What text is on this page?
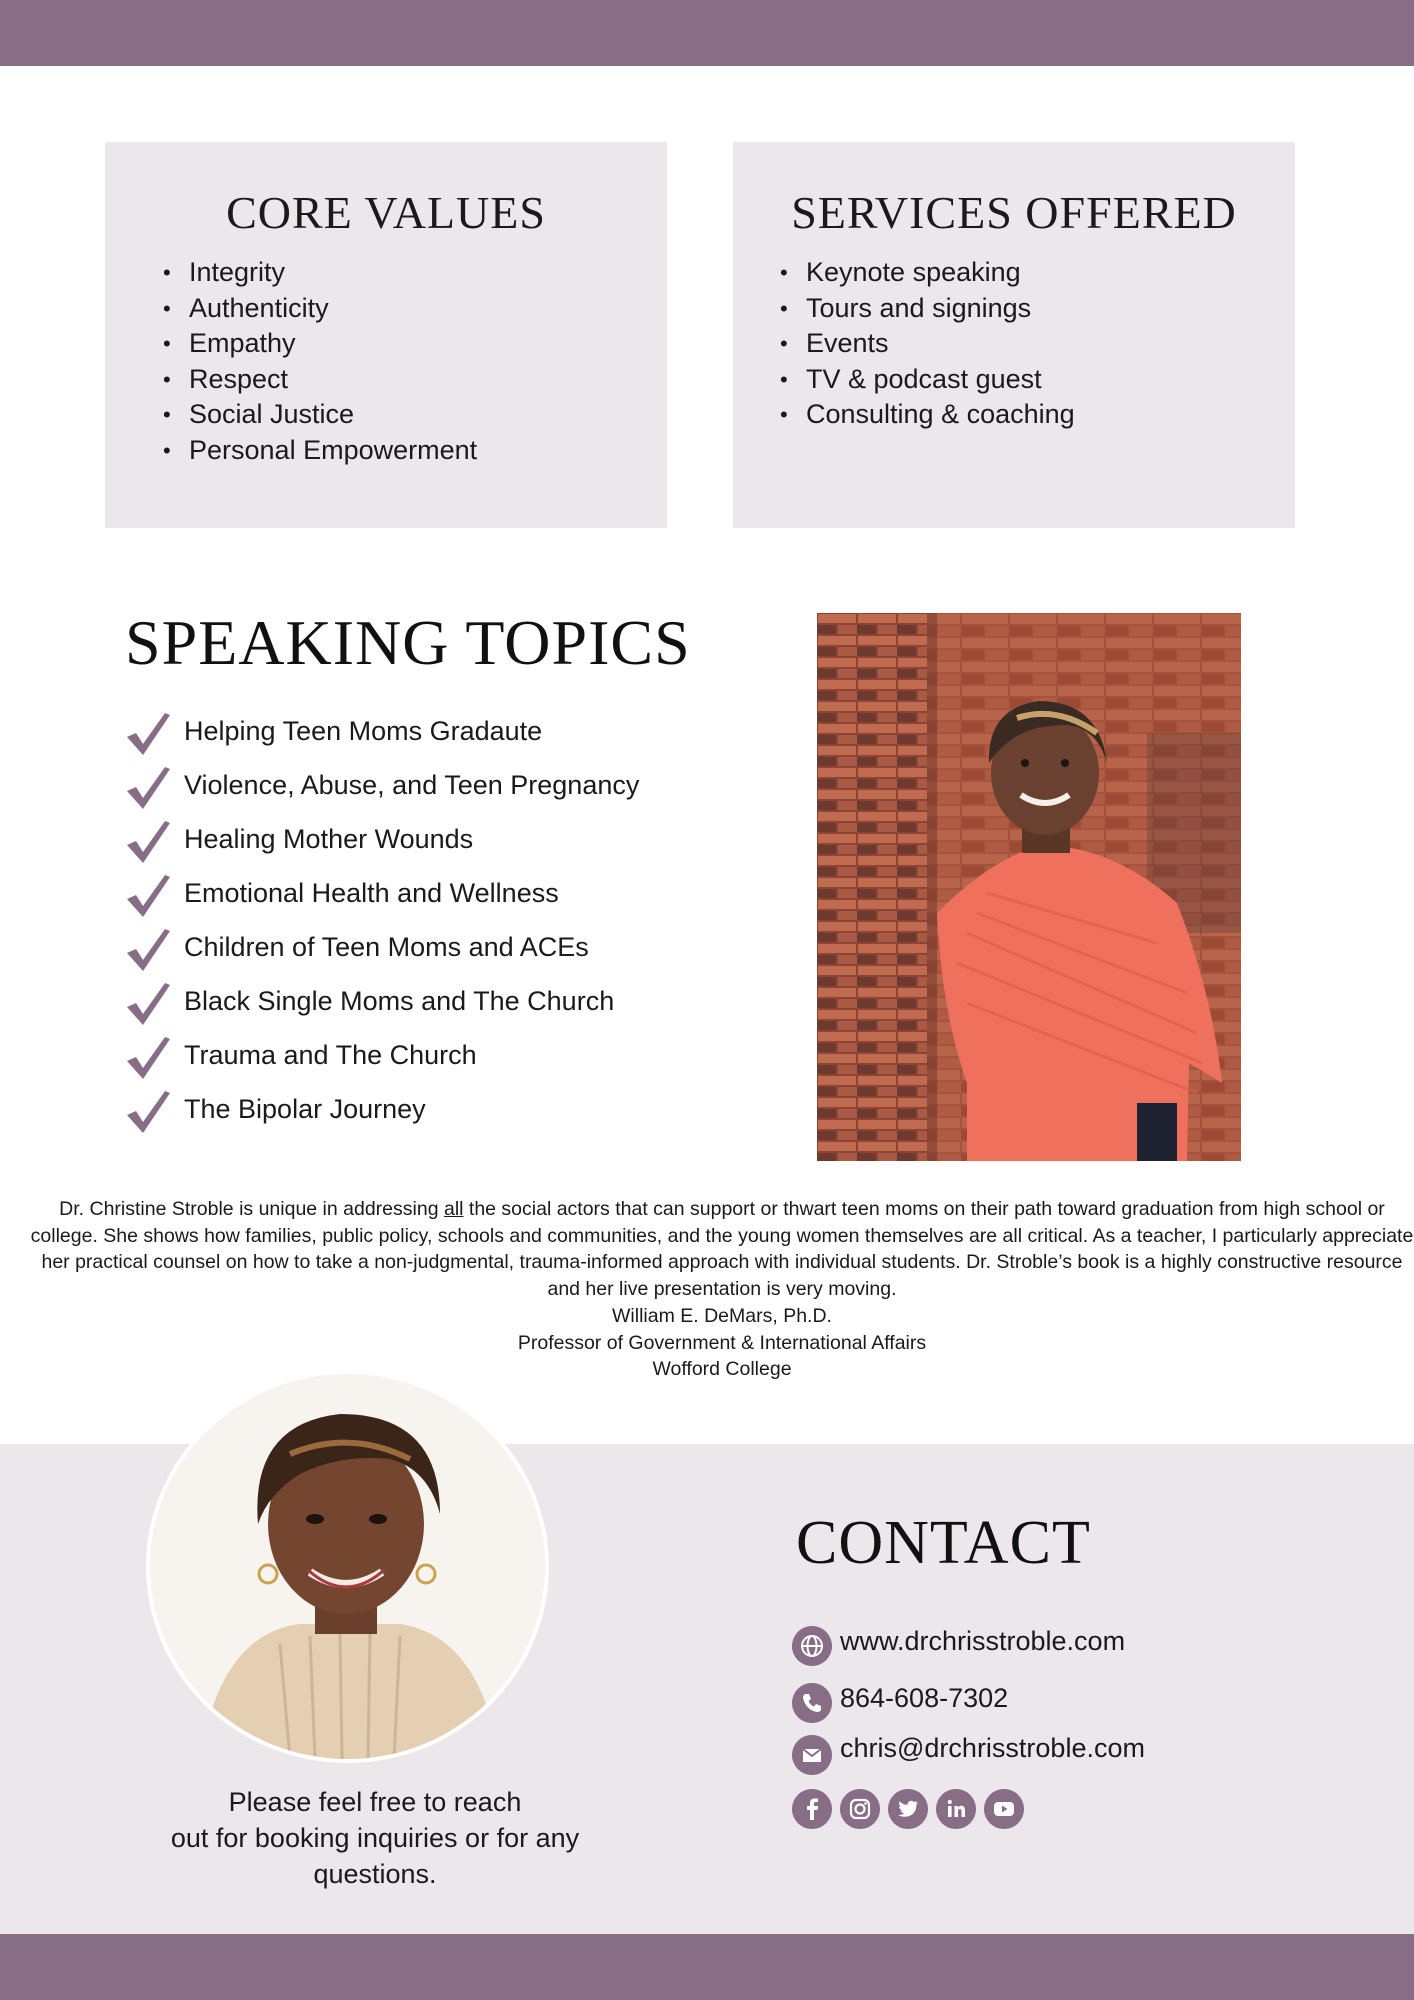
CORE VALUES
• Integrity
• Authenticity
• Empathy
• Respect
• Social Justice
• Personal Empowerment
SERVICES OFFERED
• Keynote speaking
• Tours and signings
• Events
• TV & podcast guest
• Consulting & coaching
SPEAKING TOPICS
Helping Teen Moms Gradaute
Violence, Abuse, and Teen Pregnancy
Healing Mother Wounds
Emotional Health and Wellness
Children of Teen Moms and ACEs
Black Single Moms and The Church
Trauma and The Church
The Bipolar Journey

Dr. Christine Stroble is unique in addressing all the social actors that can support or thwart teen moms on their path toward graduation from high school or college. She shows how families, public policy, schools and communities, and the young women themselves are all critical. As a teacher, I particularly appreciate her practical counsel on how to take a non-judgmental, trauma-informed approach with individual students. Dr. Stroble’s book is a highly constructive resource and her live presentation is very moving.

William E. DeMars, Ph.D.

Professor of Government & International Affairs

Wofford College

Please feel free to reach

out for booking inquiries or for any

questions.

CONTACT
www.drchrisstroble.com
864-608-7302
chris@drchrisstroble.com
